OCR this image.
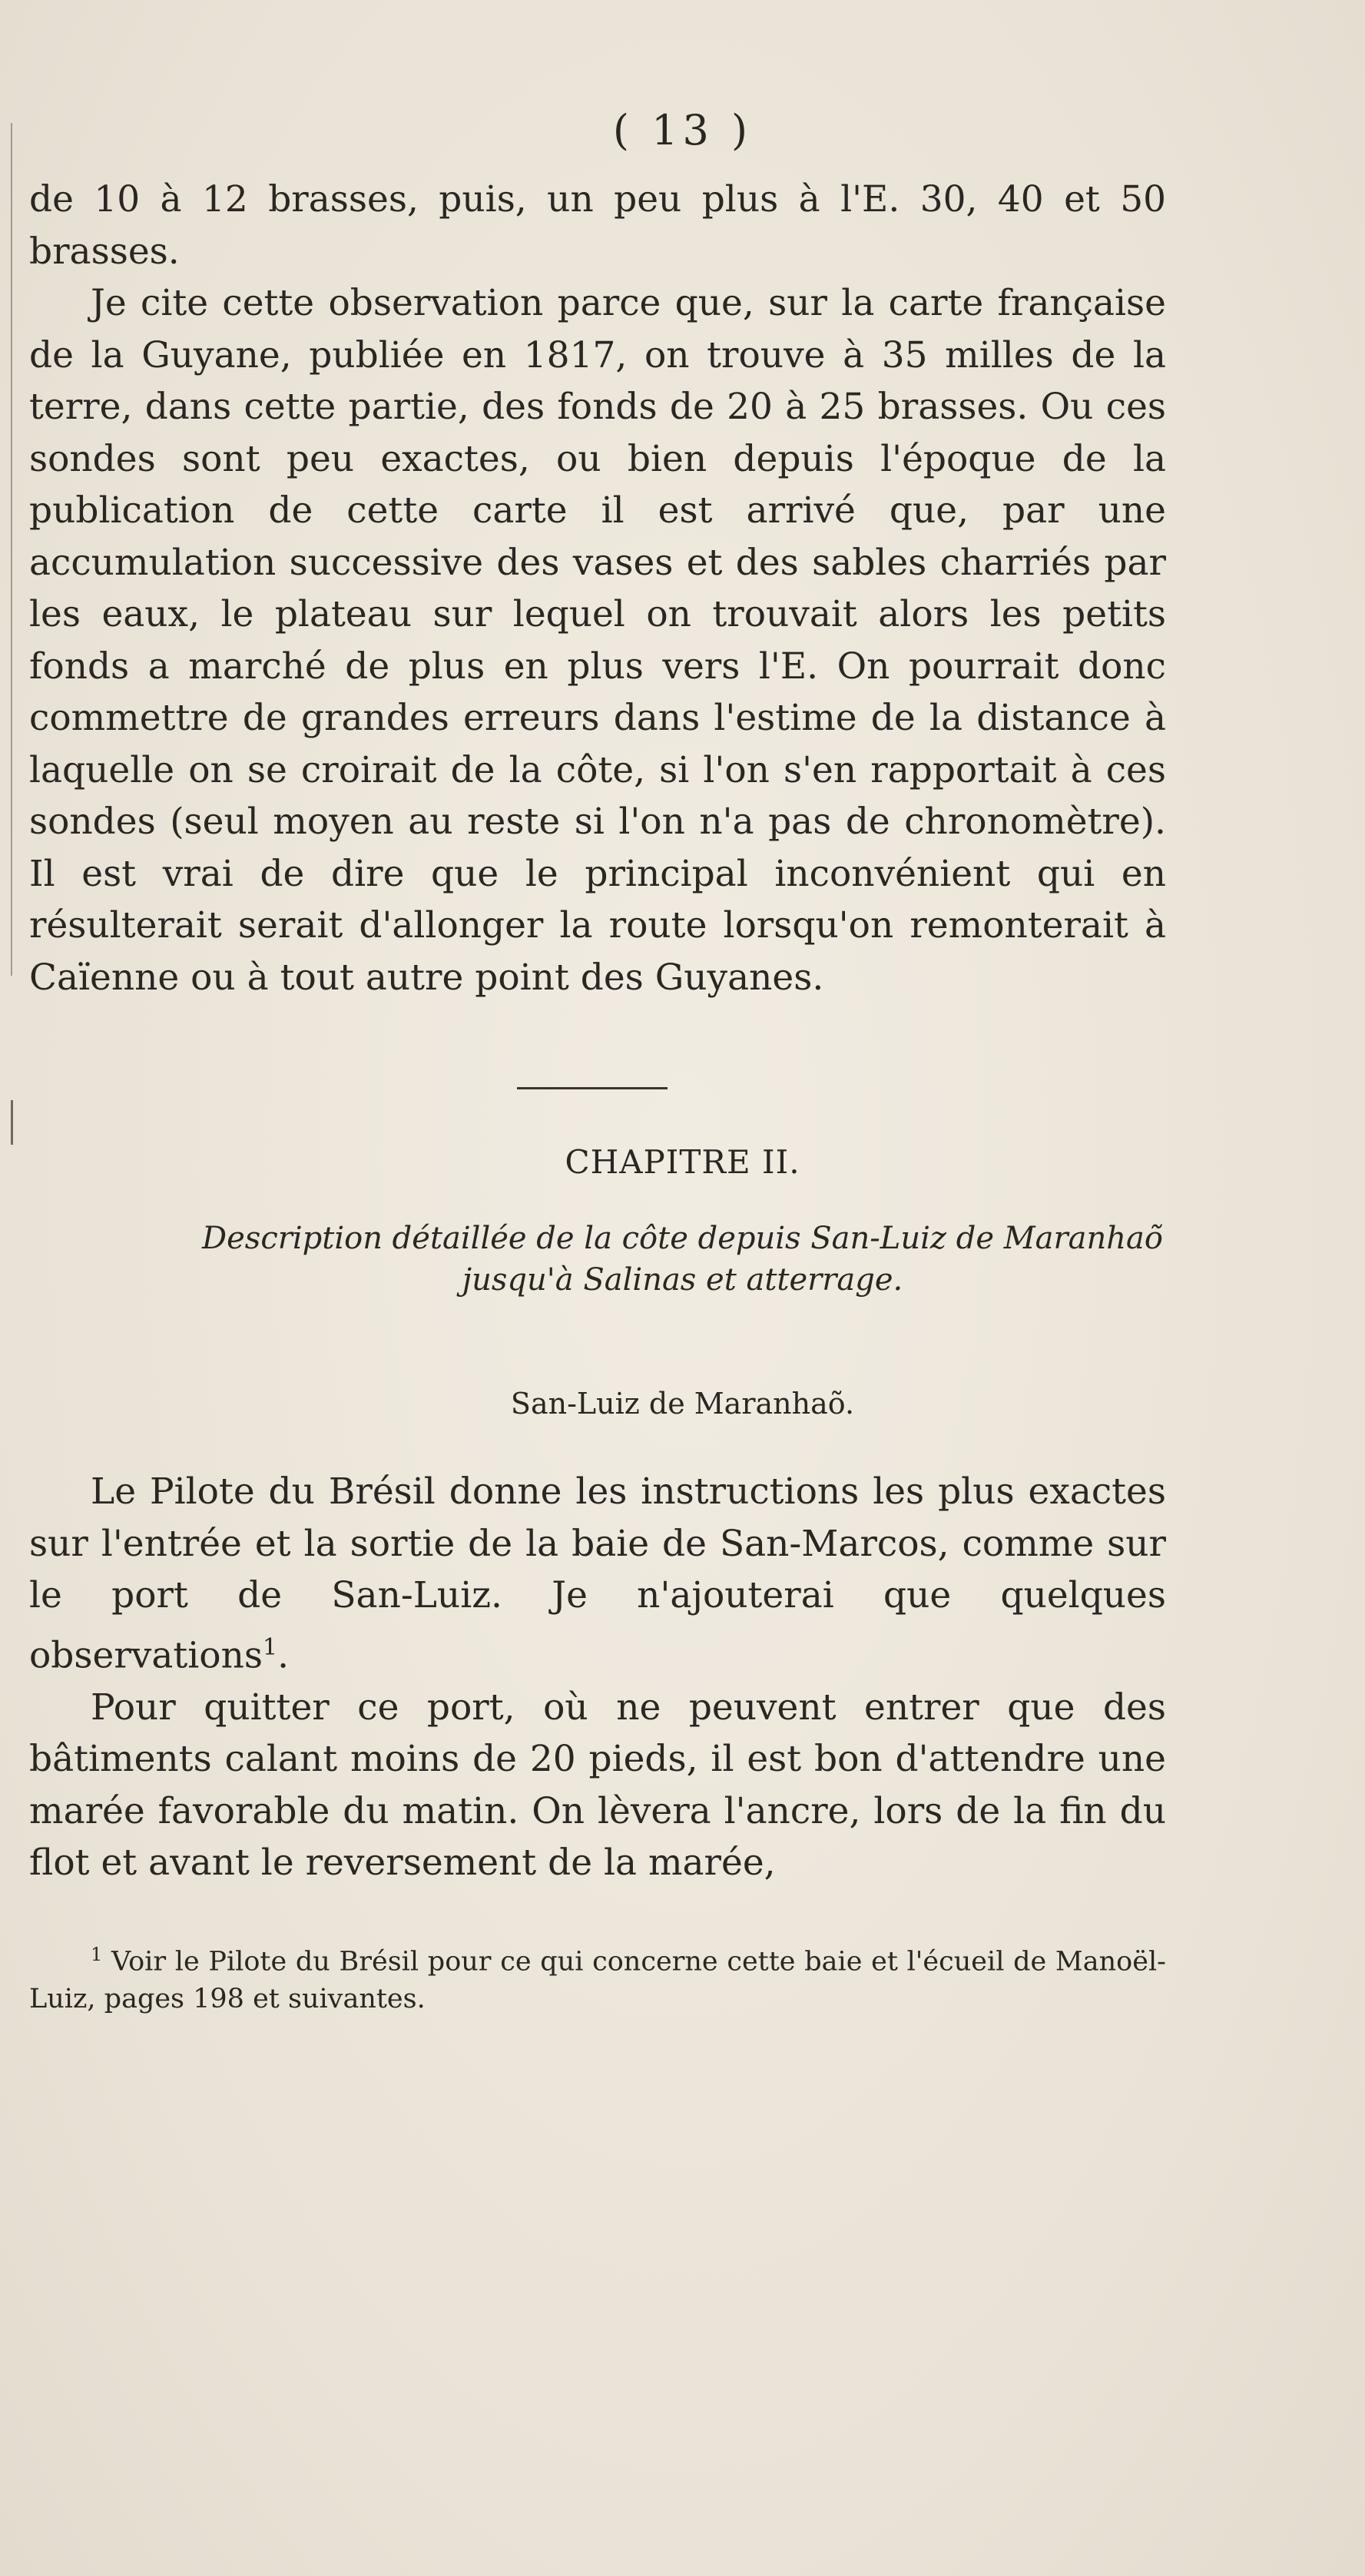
( 13 )

de 10 à 12 brasses, puis, un peu plus à l'E. 30, 40 et 50 brasses.

Je cite cette observation parce que, sur la carte française de la Guyane, publiée en 1817, on trouve à 35 milles de la terre, dans cette partie, des fonds de 20 à 25 brasses. Ou ces sondes sont peu exactes, ou bien depuis l'époque de la publication de cette carte il est arrivé que, par une accumulation successive des vases et des sables charriés par les eaux, le plateau sur lequel on trouvait alors les petits fonds a marché de plus en plus vers l'E. On pourrait donc commettre de grandes erreurs dans l'estime de la distance à laquelle on se croirait de la côte, si l'on s'en rapportait à ces sondes (seul moyen au reste si l'on n'a pas de chronomètre). Il est vrai de dire que le principal inconvénient qui en résulterait serait d'allonger la route lorsqu'on remonterait à Caïenne ou à tout autre point des Guyanes.

CHAPITRE II.
Description détaillée de la côte depuis San-Luiz de Maranhaõ jusqu'à Salinas et atterrage.
San-Luiz de Maranhaõ.

Le Pilote du Brésil donne les instructions les plus exactes sur l'entrée et la sortie de la baie de San-Marcos, comme sur le port de San-Luiz. Je n'ajouterai que quelques observations$^1$.

Pour quitter ce port, où ne peuvent entrer que des bâtiments calant moins de 20 pieds, il est bon d'attendre une marée favorable du matin. On lèvera l'ancre, lors de la fin du flot et avant le reversement de la marée,

$^1$ Voir le Pilote du Brésil pour ce qui concerne cette baie et l'écueil de Manoël-Luiz, pages 198 et suivantes.
